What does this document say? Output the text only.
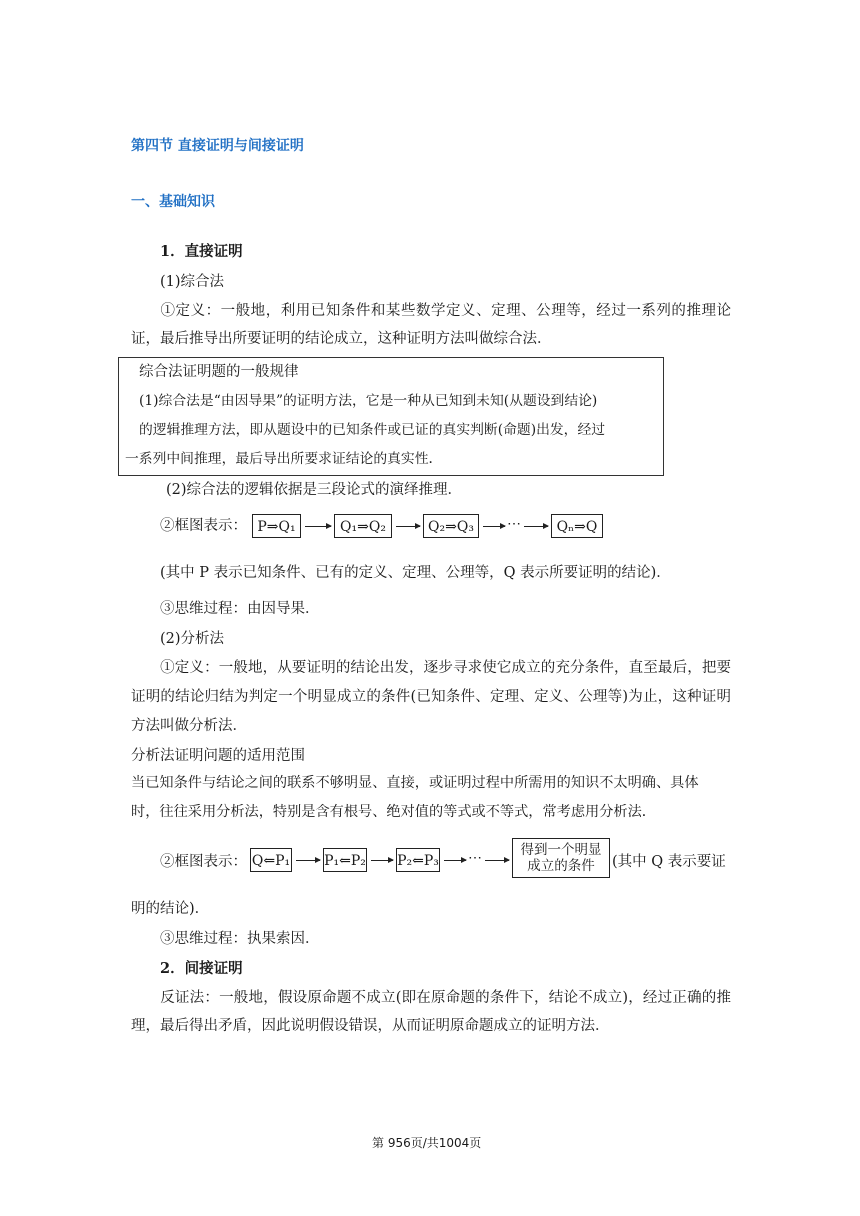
第四节 直接证明与间接证明
一、基础知识
1．直接证明
(1)综合法
①定义：一般地，利用已知条件和某些数学定义、定理、公理等，经过一系列的推理论证，最后推导出所要证明的结论成立，这种证明方法叫做综合法．
综合法证明题的一般规律
(1)综合法是“由因导果”的证明方法，它是一种从已知到未知(从题设到结论)
的逻辑推理方法，即从题设中的已知条件或已证的真实判断(命题)出发，经过
一系列中间推理，最后导出所要求证结论的真实性．
(2)综合法的逻辑依据是三段论式的演绎推理．
②框图表示： P⇒Q₁	Q₁⇒Q₂	Q₂⇒Q₃	⋯	Qₙ⇒Q
(其中 P 表示已知条件、已有的定义、定理、公理等，Q 表示所要证明的结论)．
③思维过程：由因导果．
(2)分析法
①定义：一般地，从要证明的结论出发，逐步寻求使它成立的充分条件，直至最后，把要证明的结论归结为判定一个明显成立的条件(已知条件、定理、定义、公理等)为止，这种证明方法叫做分析法．
分析法证明问题的适用范围
当已知条件与结论之间的联系不够明显、直接，或证明过程中所需用的知识不太明确、具体
时，往往采用分析法，特别是含有根号、绝对值的等式或不等式，常考虑用分析法．
②框图表示： Q⇐P₁ P₁⇐P₂ P₂⇐P₃ ⋯	得到一个明显成立的条件	(其中 Q 表示要证
明的结论)．
③思维过程：执果索因．
2．间接证明
反证法：一般地，假设原命题不成立(即在原命题的条件下，结论不成立)，经过正确的推理，最后得出矛盾，因此说明假设错误，从而证明原命题成立的证明方法．
第 956页/共1004页
